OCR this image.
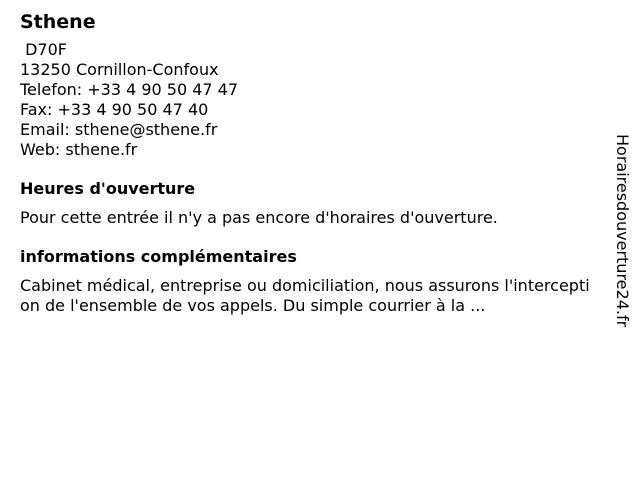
Sthene
D70F
13250 Cornillon-Confoux
Telefon: +33 4 90 50 47 47
Fax: +33 4 90 50 47 40
Email: sthene@sthene.fr
Web: sthene.fr
Heures d'ouverture
Pour cette entrée il n'y a pas encore d'horaires d'ouverture.
informations complémentaires
Cabinet médical, entreprise ou domiciliation, nous assurons l'interception de l'ensemble de vos appels. Du simple courrier à la ...	Horairesdouverture24.fr
